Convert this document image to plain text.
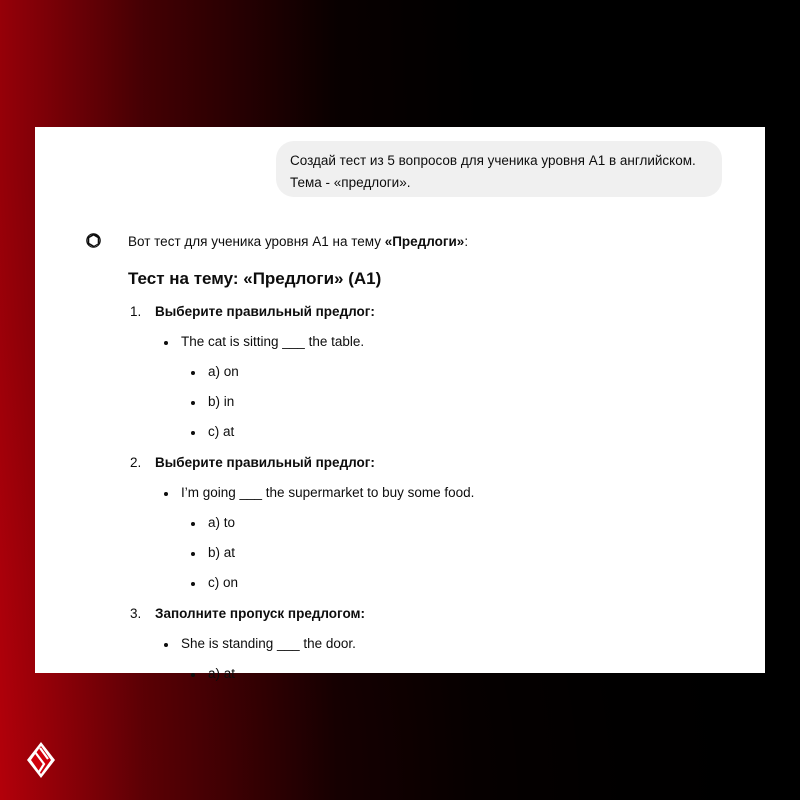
Создай тест из 5 вопросов для ученика уровня A1 в английском.
Тема - «предлоги».
Вот тест для ученика уровня A1 на тему «Предлоги»:
Тест на тему: «Предлоги» (A1)
1. Выберите правильный предлог:
The cat is sitting ___ the table.
a) on
b) in
c) at
2. Выберите правильный предлог:
I’m going ___ the supermarket to buy some food.
a) to
b) at
c) on
3. Заполните пропуск предлогом:
She is standing ___ the door.
a) at
